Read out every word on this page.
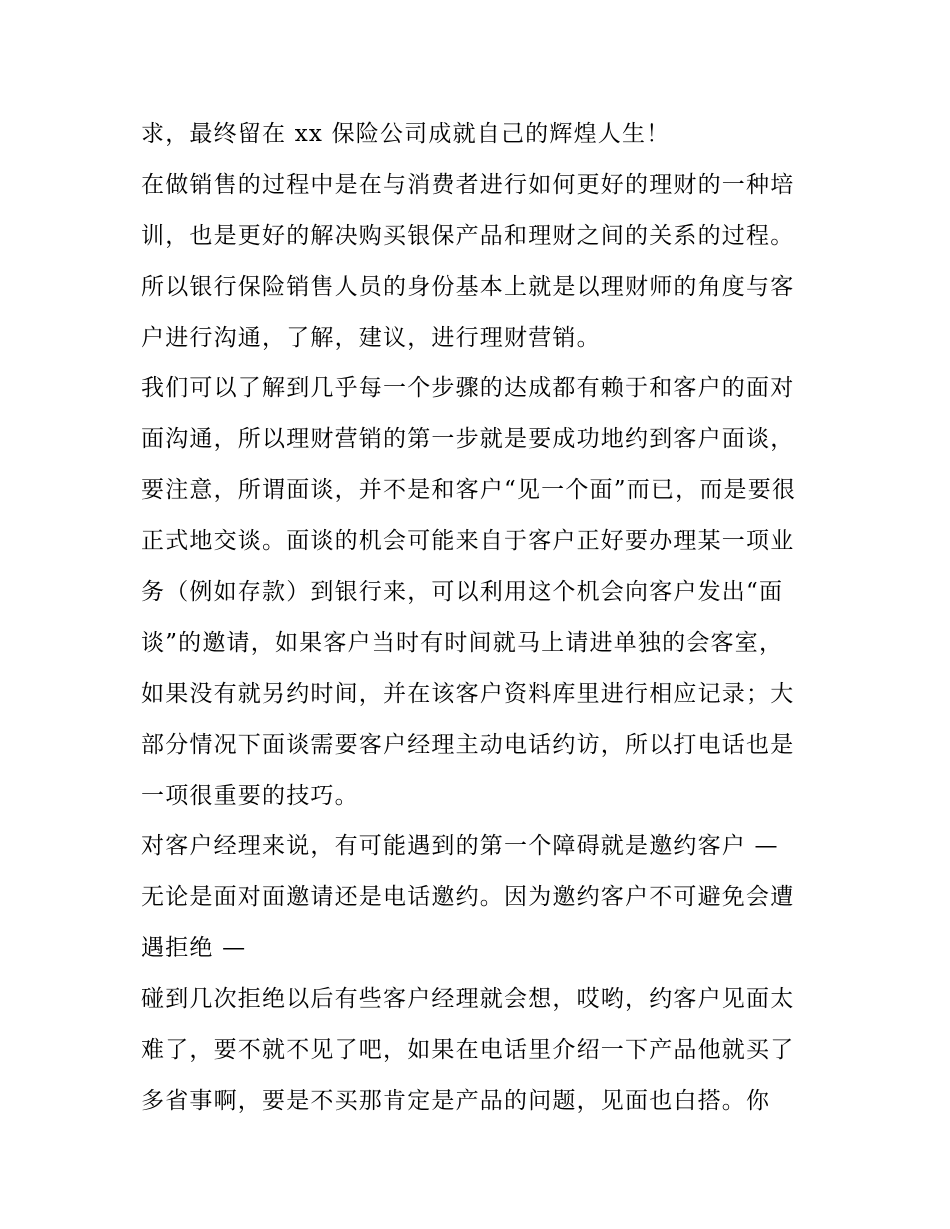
求，最终留在 xx 保险公司成就自己的辉煌人生！
在做销售的过程中是在与消费者进行如何更好的理财的一种培
训，也是更好的解决购买银保产品和理财之间的关系的过程。
所以银行保险销售人员的身份基本上就是以理财师的角度与客
户进行沟通，了解，建议，进行理财营销。
我们可以了解到几乎每一个步骤的达成都有赖于和客户的面对
面沟通，所以理财营销的第一步就是要成功地约到客户面谈，
要注意，所谓面谈，并不是和客户“见一个面”而已，而是要很
正式地交谈。面谈的机会可能来自于客户正好要办理某一项业
务（例如存款）到银行来，可以利用这个机会向客户发出“面
谈”的邀请，如果客户当时有时间就马上请进单独的会客室，
如果没有就另约时间，并在该客户资料库里进行相应记录；大
部分情况下面谈需要客户经理主动电话约访，所以打电话也是
一项很重要的技巧。
对客户经理来说，有可能遇到的第一个障碍就是邀约客户 —
无论是面对面邀请还是电话邀约。因为邀约客户不可避免会遭
遇拒绝 —
碰到几次拒绝以后有些客户经理就会想，哎哟，约客户见面太
难了，要不就不见了吧，如果在电话里介绍一下产品他就买了
多省事啊，要是不买那肯定是产品的问题，见面也白搭。你
